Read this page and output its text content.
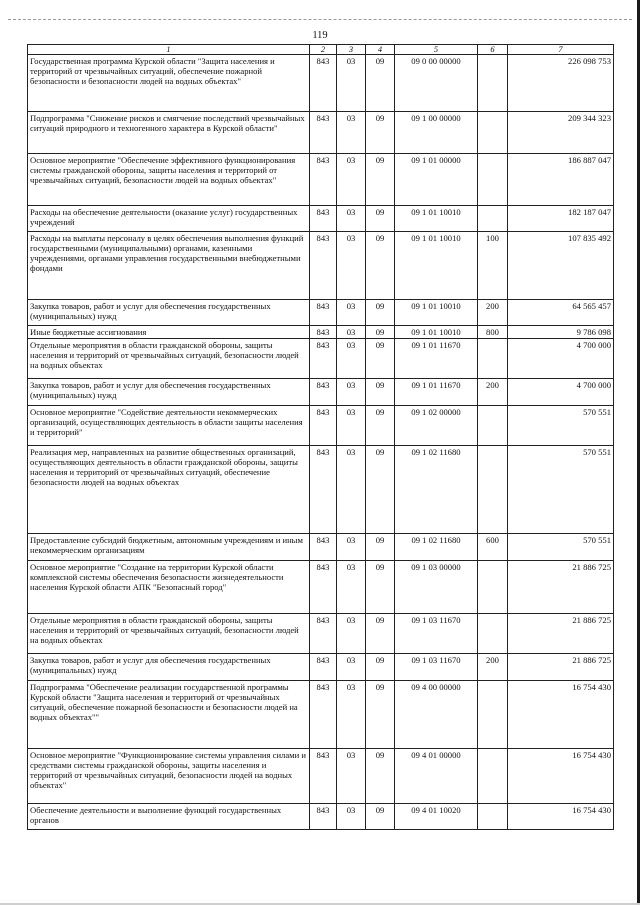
119
1	2	3	4	5	6	7
Государственная программа Курской области "Защита населения и территорий от чрезвычайных ситуаций, обеспечение пожарной безопасности и безопасности людей на водных объектах"	843	03	09	09 0 00 00000		226 098 753
Подпрограмма "Снижение рисков и смягчение последствий чрезвычайных ситуаций природного и техногенного характера в Курской области"	843	03	09	09 1 00 00000		209 344 323
Основное мероприятие "Обеспечение эффективного функционирования системы гражданской обороны, защиты населения и территорий от чрезвычайных ситуаций, безопасности людей на водных объектах"	843	03	09	09 1 01 00000		186 887 047
Расходы на обеспечение деятельности (оказание услуг) государственных учреждений	843	03	09	09 1 01 10010		182 187 047
Расходы на выплаты персоналу в целях обеспечения выполнения функций государственными (муниципальными) органами, казенными учреждениями, органами управления государственными внебюджетными фондами	843	03	09	09 1 01 10010	100	107 835 492
Закупка товаров, работ и услуг для обеспечения государственных (муниципальных) нужд	843	03	09	09 1 01 10010	200	64 565 457
Иные бюджетные ассигнования	843	03	09	09 1 01 10010	800	9 786 098
Отдельные мероприятия в области гражданской обороны, защиты населения и территорий от чрезвычайных ситуаций, безопасности людей на водных объектах	843	03	09	09 1 01 11670		4 700 000
Закупка товаров, работ и услуг для обеспечения государственных (муниципальных) нужд	843	03	09	09 1 01 11670	200	4 700 000
Основное мероприятие "Содействие деятельности некоммерческих организаций, осуществляющих деятельность в области защиты населения и территорий"	843	03	09	09 1 02 00000		570 551
Реализация мер, направленных на развитие общественных организаций, осуществляющих деятельность в области гражданской обороны, защиты населения и территорий от чрезвычайных ситуаций, обеспечение безопасности людей на водных объектах	843	03	09	09 1 02 11680		570 551
Предоставление субсидий бюджетным, автономным учреждениям и иным некоммерческим организациям	843	03	09	09 1 02 11680	600	570 551
Основное мероприятие "Создание на территории Курской области комплексной системы обеспечения безопасности жизнедеятельности населения Курской области АПК "Безопасный город"	843	03	09	09 1 03 00000		21 886 725
Отдельные мероприятия в области гражданской обороны, защиты населения и территорий от чрезвычайных ситуаций, безопасности людей на водных объектах	843	03	09	09 1 03 11670		21 886 725
Закупка товаров, работ и услуг для обеспечения государственных (муниципальных) нужд	843	03	09	09 1 03 11670	200	21 886 725
Подпрограмма "Обеспечение реализации государственной программы Курской области "Защита населения и территорий от чрезвычайных ситуаций, обеспечение пожарной безопасности и безопасности людей на водных объектах""	843	03	09	09 4 00 00000		16 754 430
Основное мероприятие "Функционирование системы управления силами и средствами системы гражданской обороны, защиты населения и территорий от чрезвычайных ситуаций, безопасности людей на водных объектах"	843	03	09	09 4 01 00000		16 754 430
Обеспечение деятельности и выполнение функций государственных органов	843	03	09	09 4 01 10020		16 754 430
